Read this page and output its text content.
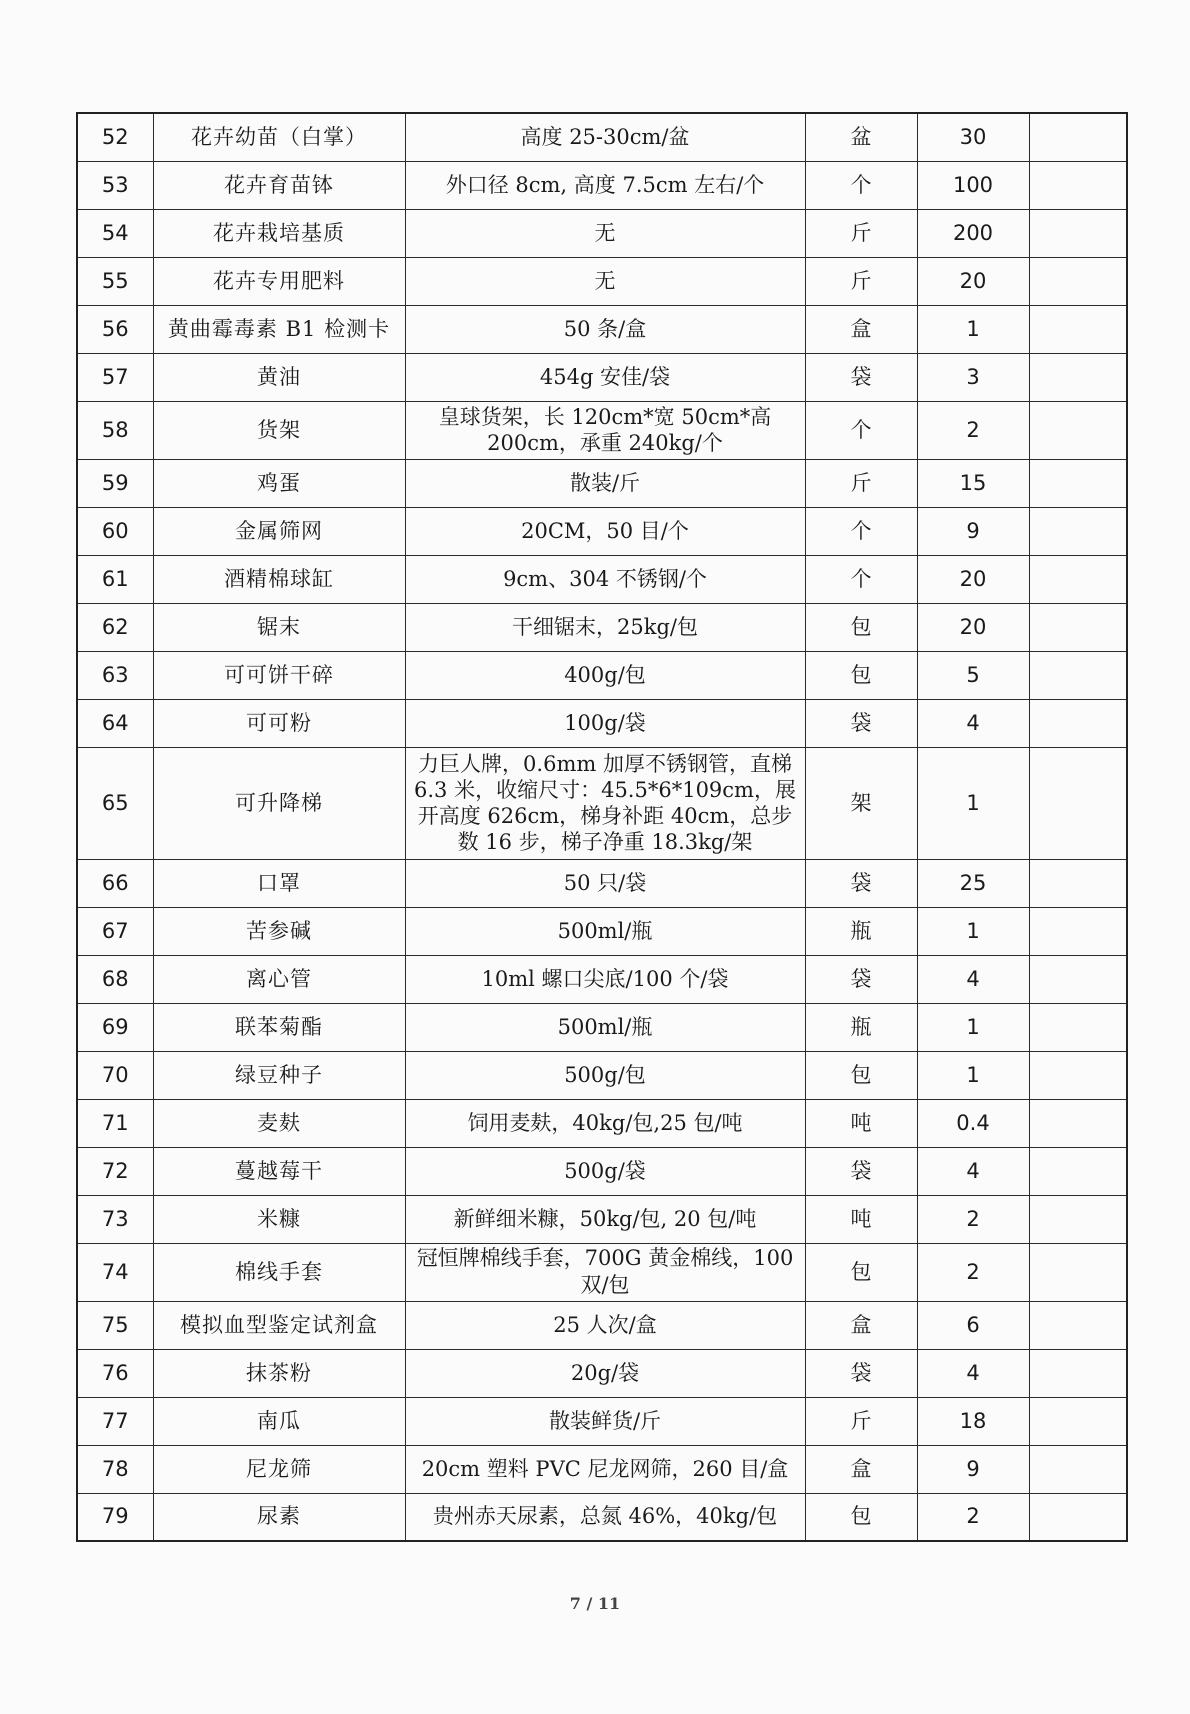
52	花卉幼苗（白掌）	高度 25-30cm/盆	盆	30	
53	花卉育苗钵	外口径 8cm, 高度 7.5cm 左右/个	个	100	
54	花卉栽培基质	无	斤	200	
55	花卉专用肥料	无	斤	20	
56	黄曲霉毒素 B1 检测卡	50 条/盒	盒	1	
57	黄油	454g 安佳/袋	袋	3	
58	货架	皇球货架，长 120cm*宽 50cm*高 200cm，承重 240kg/个	个	2	
59	鸡蛋	散装/斤	斤	15	
60	金属筛网	20CM，50 目/个	个	9	
61	酒精棉球缸	9cm、304 不锈钢/个	个	20	
62	锯末	干细锯末，25kg/包	包	20	
63	可可饼干碎	400g/包	包	5	
64	可可粉	100g/袋	袋	4	
65	可升降梯	力巨人牌，0.6mm 加厚不锈钢管，直梯 6.3 米，收缩尺寸：45.5*6*109cm，展开高度 626cm，梯身补距 40cm，总步数 16 步，梯子净重 18.3kg/架	架	1	
66	口罩	50 只/袋	袋	25	
67	苦参碱	500ml/瓶	瓶	1	
68	离心管	10ml 螺口尖底/100 个/袋	袋	4	
69	联苯菊酯	500ml/瓶	瓶	1	
70	绿豆种子	500g/包	包	1	
71	麦麸	饲用麦麸，40kg/包,25 包/吨	吨	0.4	
72	蔓越莓干	500g/袋	袋	4	
73	米糠	新鲜细米糠，50kg/包, 20 包/吨	吨	2	
74	棉线手套	冠恒牌棉线手套，700G 黄金棉线，100 双/包	包	2	
75	模拟血型鉴定试剂盒	25 人次/盒	盒	6	
76	抹茶粉	20g/袋	袋	4	
77	南瓜	散装鲜货/斤	斤	18	
78	尼龙筛	20cm 塑料 PVC 尼龙网筛，260 目/盒	盒	9	
79	尿素	贵州赤天尿素，总氮 46%，40kg/包	包	2	
7 / 11
